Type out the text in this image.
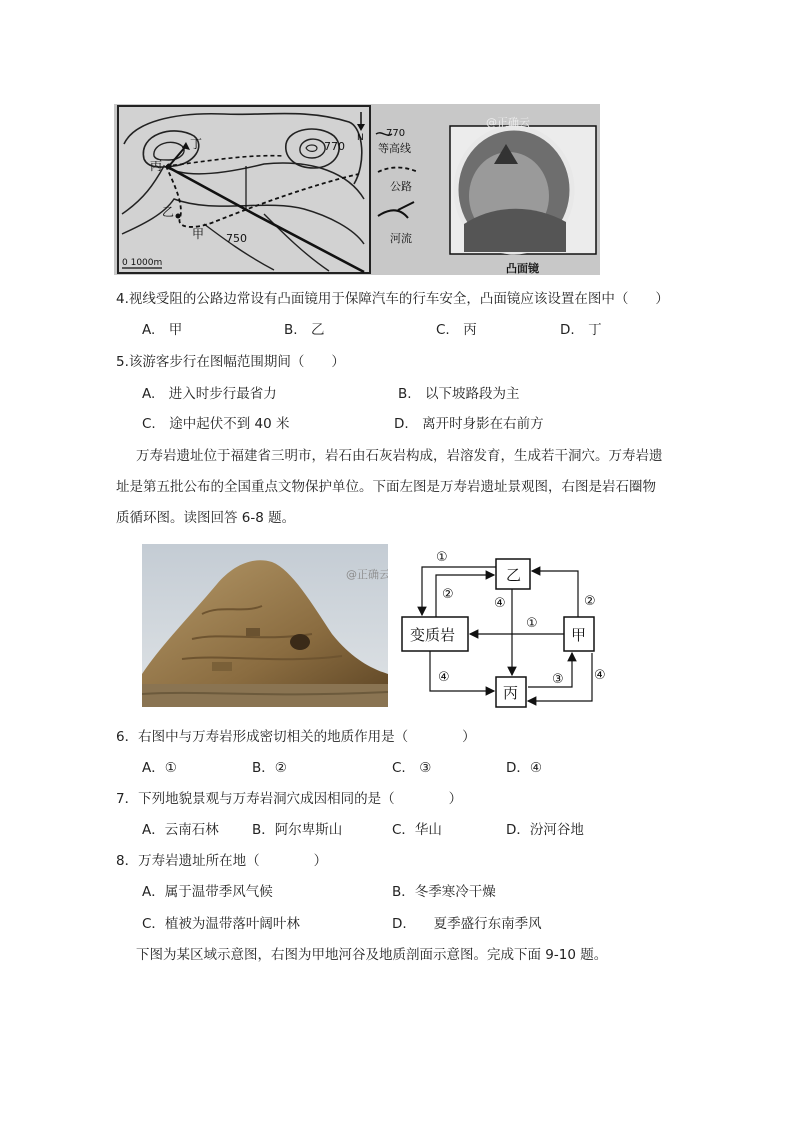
丁
丙
乙
甲
770
750
N
0 1000m
770
等高线
公路
河流
@正确云
凸面镜
4.视线受阻的公路边常设有凸面镜用于保障汽车的行车安全，凸面镜应该设置在图中（　　）
A.　甲	B.　乙	C.　丙	D.　丁
5.该游客步行在图幅范围期间（　　）
A.　进入时步行最省力	B.　以下坡路段为主
C.　途中起伏不到 40 米	D.　离开时身影在右前方
万寿岩遗址位于福建省三明市，岩石由石灰岩构成，岩溶发育，生成若干洞穴。万寿岩遗
址是第五批公布的全国重点文物保护单位。下面左图是万寿岩遗址景观图，右图是岩石圈物
质循环图。读图回答 6-8 题。
@正确云	乙
变质岩	甲
丙
①
②
④
①
②
④	③ ④
6．右图中与万寿岩形成密切相关的地质作用是（　　　　）
A．①	B．②	C.　③	D．④
7．下列地貌景观与万寿岩洞穴成因相同的是（　　　　）
A．云南石林 B．阿尔卑斯山	C．华山	D．汾河谷地
8．万寿岩遗址所在地（　　　　）
A．属于温带季风气候	B．冬季寒冷干燥
C．植被为温带落叶阔叶林	D.　　夏季盛行东南季风
下图为某区域示意图，右图为甲地河谷及地质剖面示意图。完成下面 9-10 题。
